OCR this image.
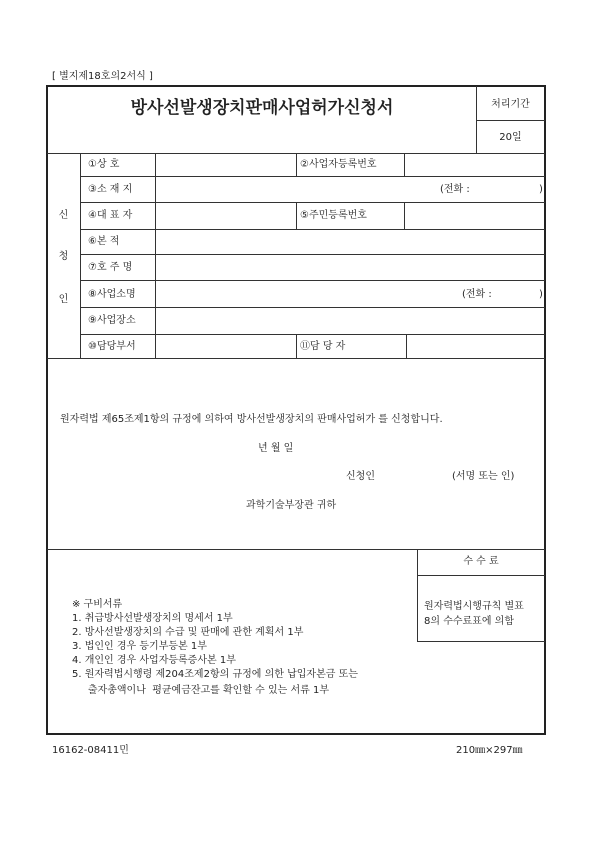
[ 별지제18호의2서식 ]
방사선발생장치판매사업허가신청서	처리기간
20일
신
청
인
①상 호	②사업자등록번호
③소 재 지	(전화 :	)
④대 표 자	⑤주민등록번호
⑥본 적
⑦호 주 명
⑧사업소명	(전화 :	)
⑨사업장소
⑩담당부서	⑪담 당 자
원자력법 제65조제1항의 규정에 의하여 방사선발생장치의 판매사업허가 를 신청합니다.
년 월 일
신청인	(서명 또는 인)
과학기술부장관 귀하
수 수 료
원자력법시행규칙 별표
8의 수수료표에 의함
※ 구비서류
1. 취급방사선발생장치의 명세서 1부
2. 방사선발생장치의 수급 및 판매에 관한 계획서 1부
3. 법인인 경우 등기부등본 1부
4. 개인인 경우 사업자등록증사본 1부
5. 원자력법시행령 제204조제2항의 규정에 의한 납입자본금 또는
출자총액이나  평균예금잔고를 확인할 수 있는 서류 1부
16162-08411민	210㎜×297㎜
